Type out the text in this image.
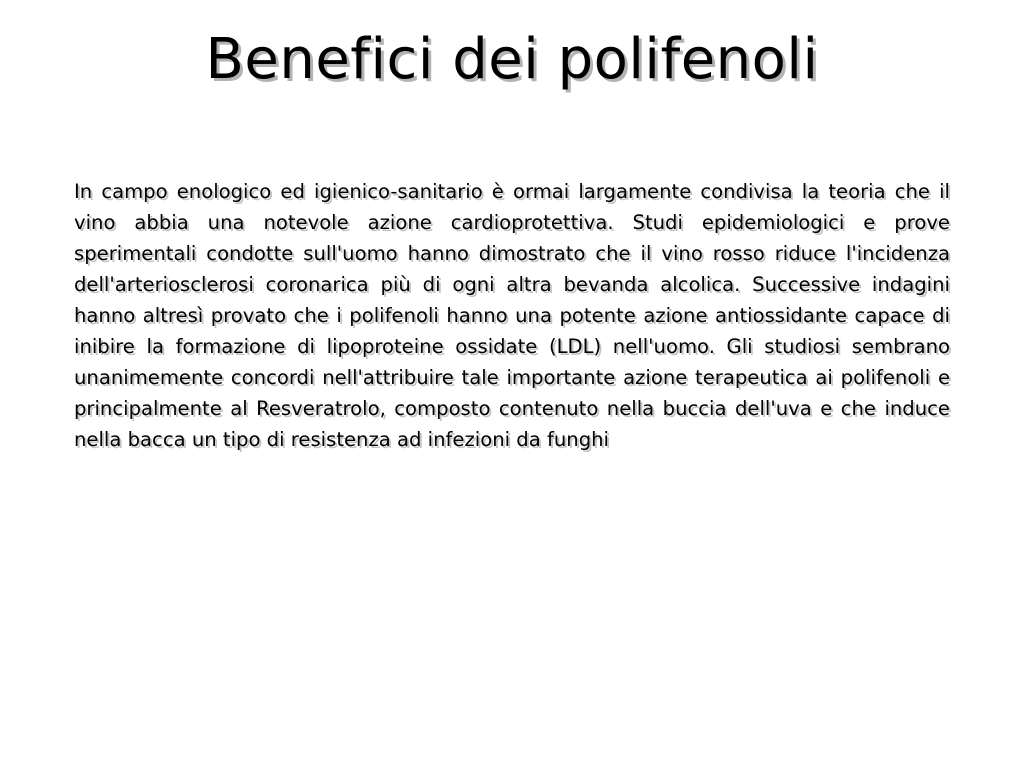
Benefici dei polifenoli

In campo enologico ed igienico-sanitario è ormai largamente condivisa la teoria che il vino abbia una notevole azione cardioprotettiva. Studi epidemiologici e prove sperimentali condotte sull'uomo hanno dimostrato che il vino rosso riduce l'incidenza dell'arteriosclerosi coronarica più di ogni altra bevanda alcolica. Successive indagini hanno altresì provato che i polifenoli hanno una potente azione antiossidante capace di inibire la formazione di lipoproteine ossidate (LDL) nell'uomo. Gli studiosi sembrano unanimemente concordi nell'attribuire tale importante azione terapeutica ai polifenoli e principalmente al Resveratrolo, composto contenuto nella buccia dell'uva e che induce nella bacca un tipo di resistenza ad infezioni da funghi
